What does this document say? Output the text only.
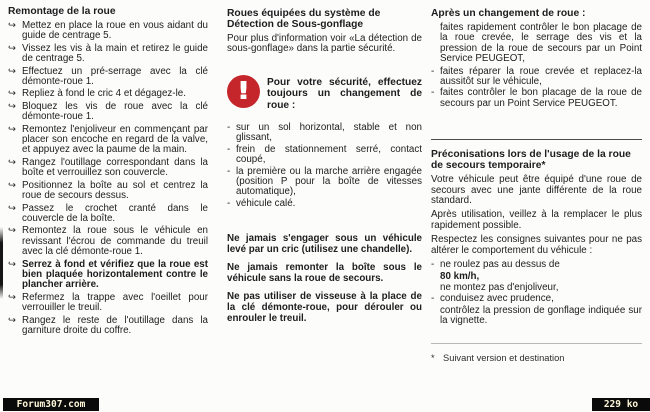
Remontage de la roue
↪ Mettez en place la roue en vous aidant du guide de centrage 5.
↪ Vissez les vis à la main et retirez le guide de centrage 5.
↪ Effectuez un pré-serrage avec la clé démonte-roue 1.
↪ Repliez à fond le cric 4 et dégagez-le.
↪ Bloquez les vis de roue avec la clé démonte-roue 1.
↪ Remontez l'enjoliveur en commençant par placer son encoche en regard de la valve, et appuyez avec la paume de la main.
↪ Rangez l'outillage correspondant dans la boîte et verrouillez son couvercle.
↪ Positionnez la boîte au sol et centrez la roue de secours dessus.
↪ Passez le crochet cranté dans le couvercle de la boîte.
↪ Remontez la roue sous le véhicule en revissant l'écrou de commande du treuil avec la clé démonte-roue 1.
↪ Serrez à fond et vérifiez que la roue est bien plaquée horizontalement contre le plancher arrière.
↪ Refermez la trappe avec l'oeillet pour verrouiller le treuil.
↪ Rangez le reste de l'outillage dans la garniture droite du coffre.
Roues équipées du système de Détection de Sous-gonflage
Pour plus d'information voir «La détection de sous-gonflage» dans la partie sécurité.
!	Pour votre sécurité, effectuez toujours un changement de roue :
- sur un sol horizontal, stable et non glissant,
- frein de stationnement serré, contact coupé,
- la première ou la marche arrière engagée (position P pour la boîte de vitesses automatique),
- véhicule calé.
Ne jamais s'engager sous un véhicule levé par un cric (utilisez une chandelle).
Ne jamais remonter la boîte sous le véhicule sans la roue de secours.
Ne pas utiliser de visseuse à la place de la clé démonte-roue, pour dérouler ou enrouler le treuil.
Après un changement de roue :
faites rapidement contrôler le bon placage de la roue crevée, le serrage des vis et la pression de la roue de secours par un Point Service PEUGEOT,
- faites réparer la roue crevée et replacez-la aussitôt sur le véhicule,
- faites contrôler le bon placage de la roue de secours par un Point Service PEUGEOT.
Préconisations lors de l'usage de la roue de secours temporaire*
Votre véhicule peut être équipé d'une roue de secours avec une jante différente de la roue standard.
Après utilisation, veillez à la remplacer le plus rapidement possible.
Respectez les consignes suivantes pour ne pas altérer le comportement du véhicule :
- ne roulez pas au dessus de
80 km/h,
ne montez pas d'enjoliveur,
- conduisez avec prudence,
contrôlez la pression de gonflage indiquée sur la vignette.
* Suivant version et destination
Forum307.com	229 ko
